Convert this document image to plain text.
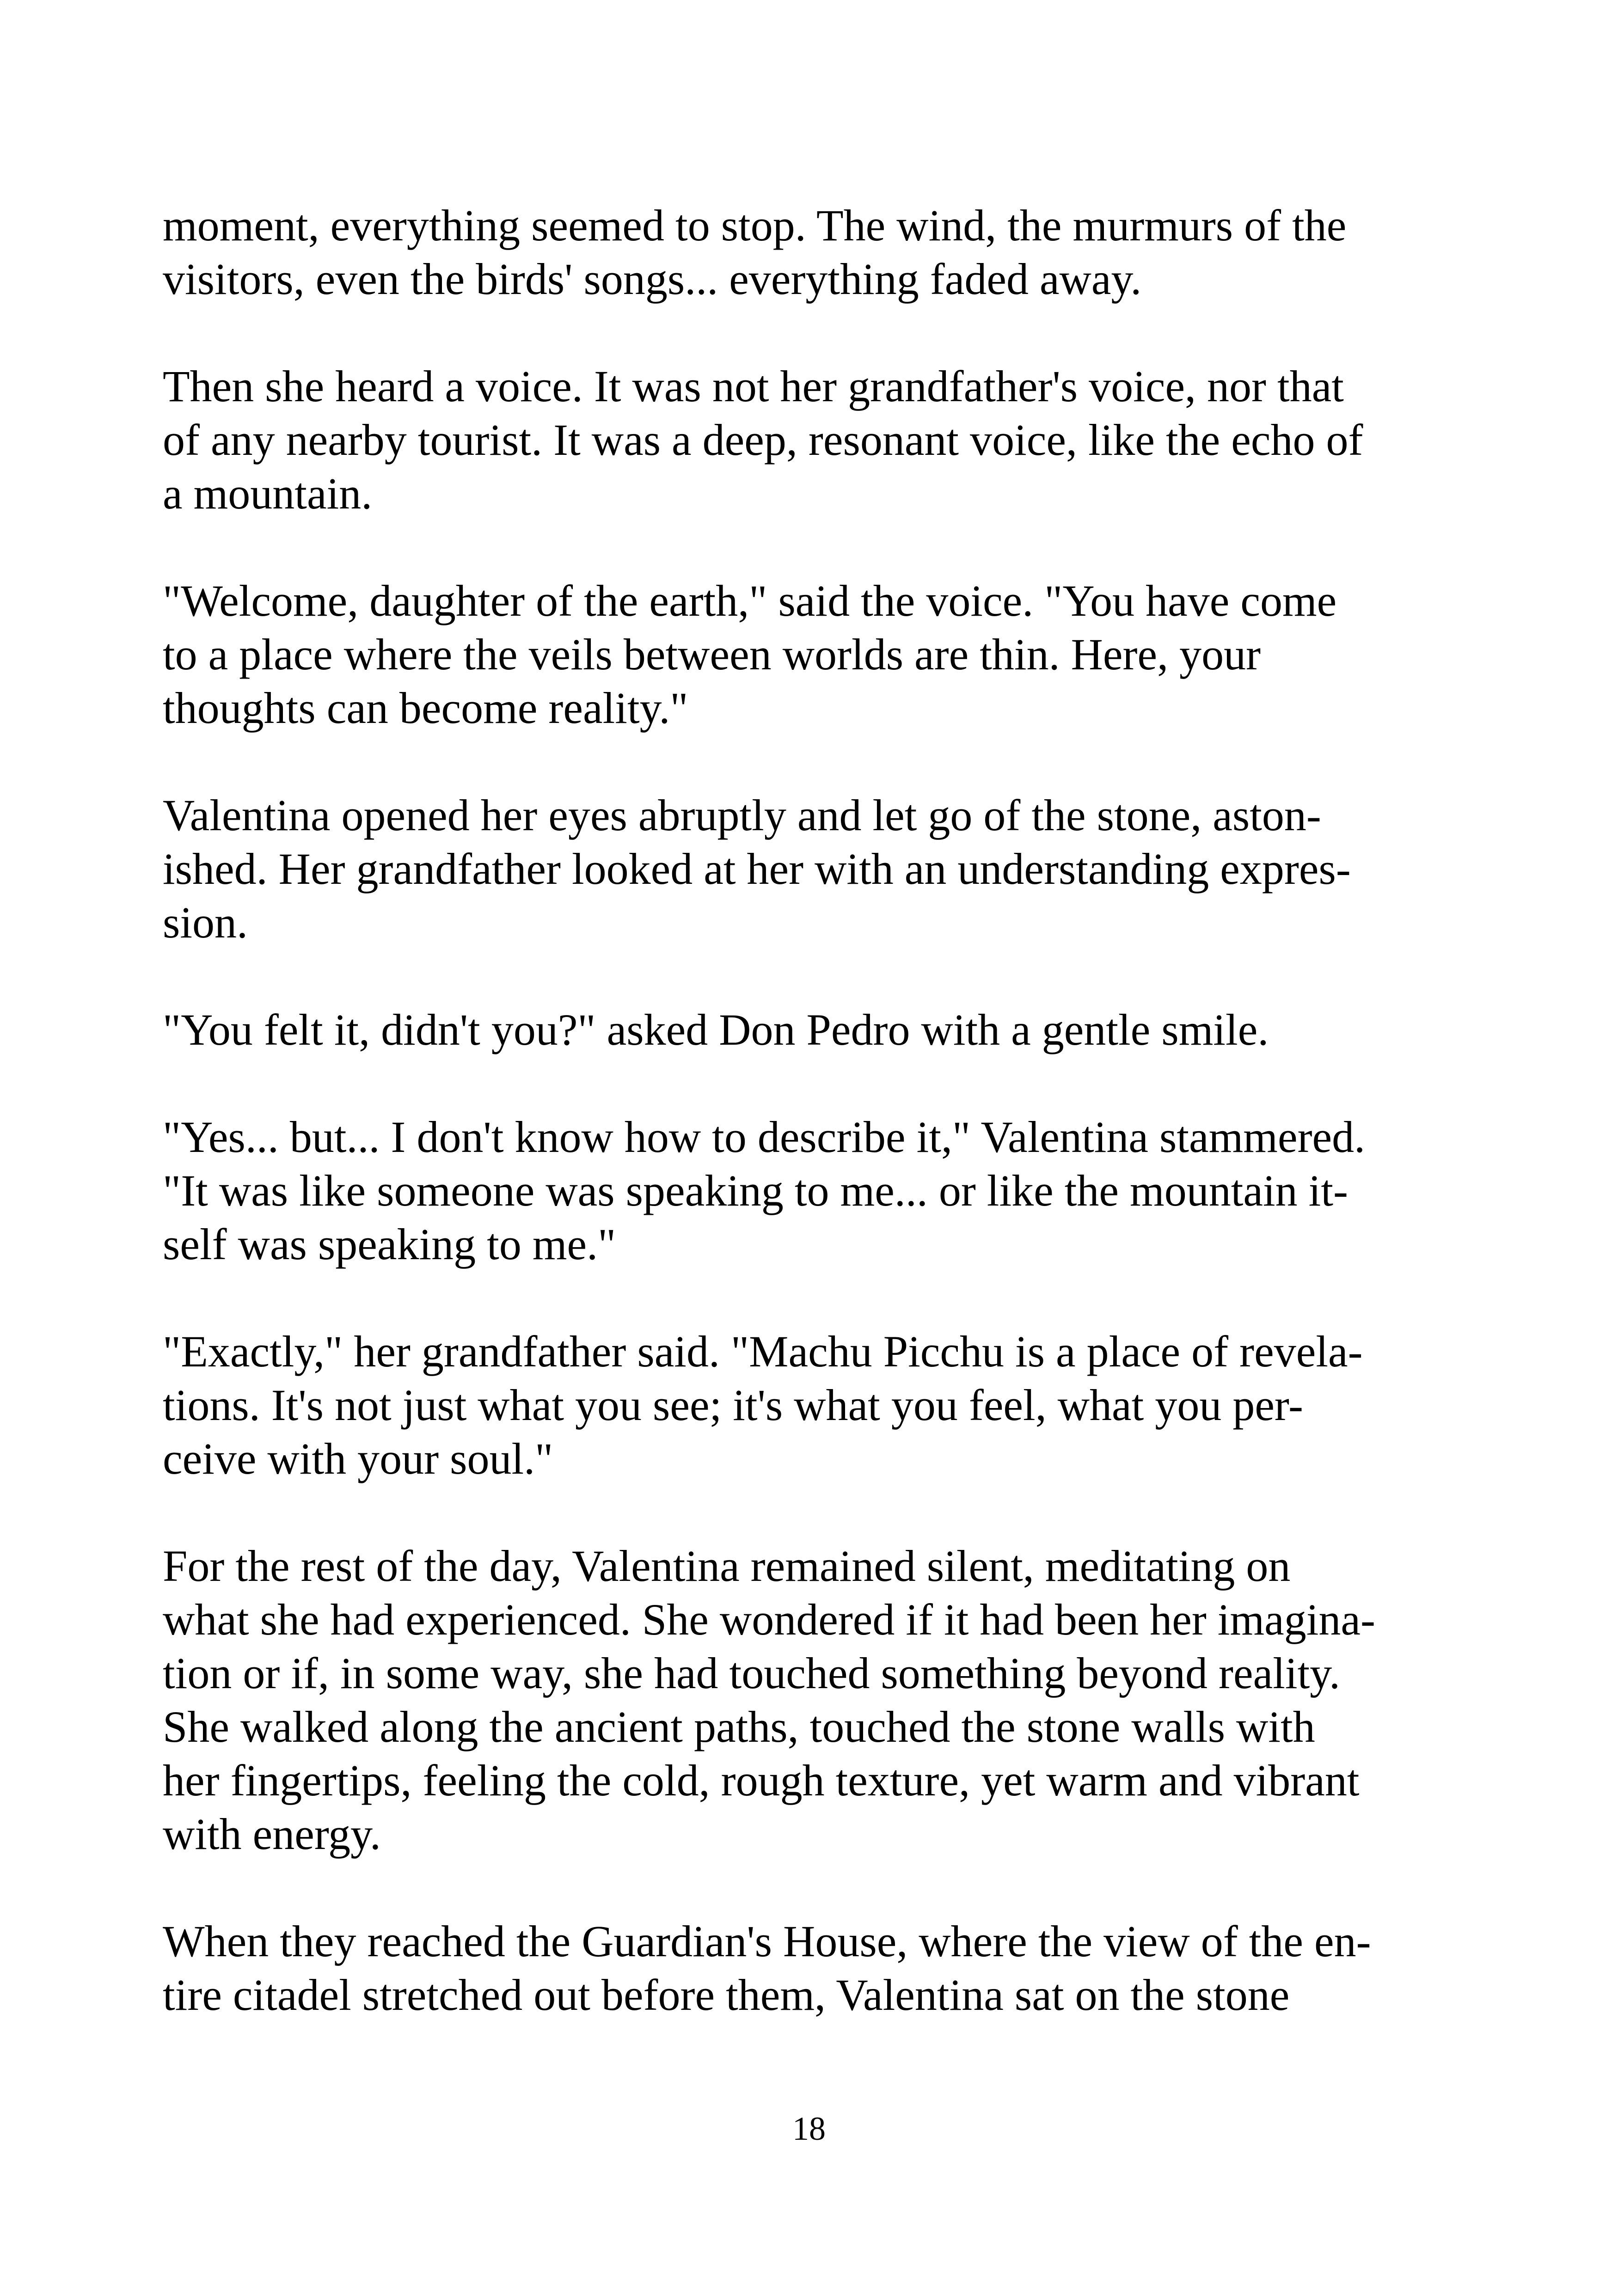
moment, everything seemed to stop. The wind, the murmurs of the
visitors, even the birds' songs... everything faded away.

Then she heard a voice. It was not her grandfather's voice, nor that
of any nearby tourist. It was a deep, resonant voice, like the echo of
a mountain.

"Welcome, daughter of the earth," said the voice. "You have come
to a place where the veils between worlds are thin. Here, your
thoughts can become reality."

Valentina opened her eyes abruptly and let go of the stone, aston-
ished. Her grandfather looked at her with an understanding expres-
sion.

"You felt it, didn't you?" asked Don Pedro with a gentle smile.

"Yes... but... I don't know how to describe it," Valentina stammered.
"It was like someone was speaking to me... or like the mountain it-
self was speaking to me."

"Exactly," her grandfather said. "Machu Picchu is a place of revela-
tions. It's not just what you see; it's what you feel, what you per-
ceive with your soul."

For the rest of the day, Valentina remained silent, meditating on
what she had experienced. She wondered if it had been her imagina-
tion or if, in some way, she had touched something beyond reality.
She walked along the ancient paths, touched the stone walls with
her fingertips, feeling the cold, rough texture, yet warm and vibrant
with energy.

When they reached the Guardian's House, where the view of the en-
tire citadel stretched out before them, Valentina sat on the stone

18
